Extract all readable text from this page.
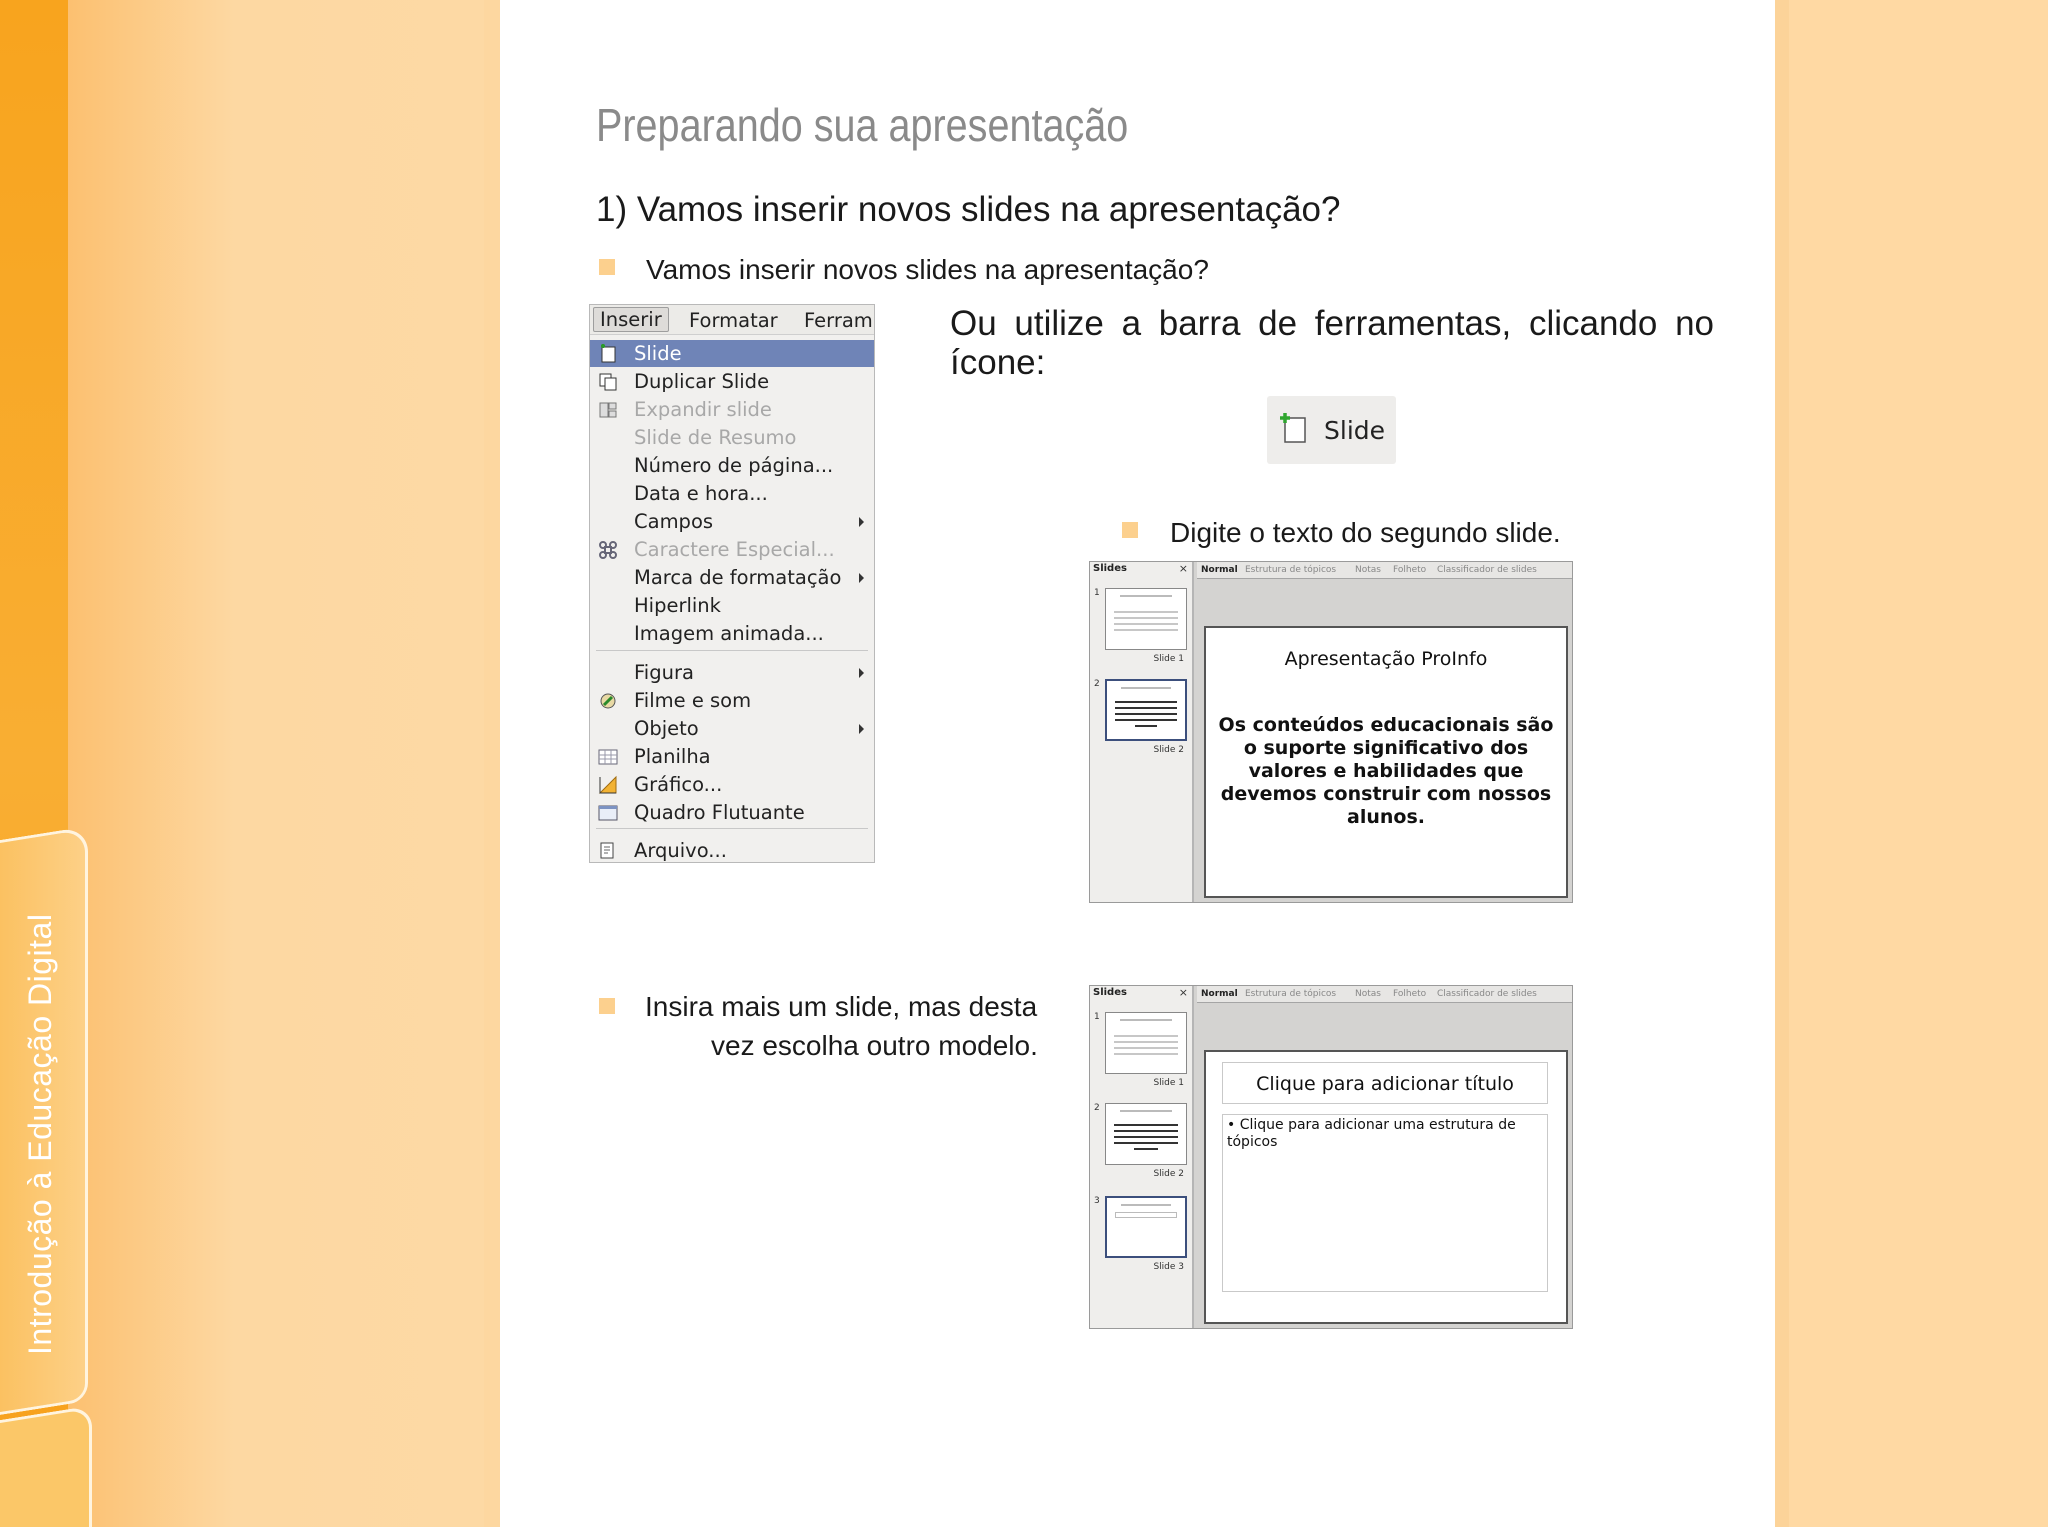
Introdução à Educação Digital
Preparando sua apresentação
1) Vamos inserir novos slides na apresentação?
Vamos inserir novos slides na apresentação?
Inserir	Formatar Ferram
Slide
Duplicar Slide
Expandir slide
Slide de Resumo
Número de página...
Data e hora...
Campos
Caractere Especial...
Marca de formatação
Hiperlink
Imagem animada...
Figura
Filme e som
Objeto
Planilha
Gráfico...
Quadro Flutuante
Arquivo...
Ou utilize a barra de ferramentas, clicando no ícone:
Slide
Digite o texto do segundo slide.
Slides	×
1
Slide 1
2
Slide 2
Normal Estrutura de tópicos Notas Folheto Classificador de slides
Apresentação ProInfo
Os conteúdos educacionais são o suporte significativo dos valores e habilidades que devemos construir com nossos alunos.
Insira mais um slide, mas desta
vez escolha outro modelo.
Slides	×
1
Slide 1
2
Slide 2
3
Slide 3
Normal Estrutura de tópicos Notas Folheto Classificador de slides
Clique para adicionar título
• Clique para adicionar uma estrutura de tópicos
